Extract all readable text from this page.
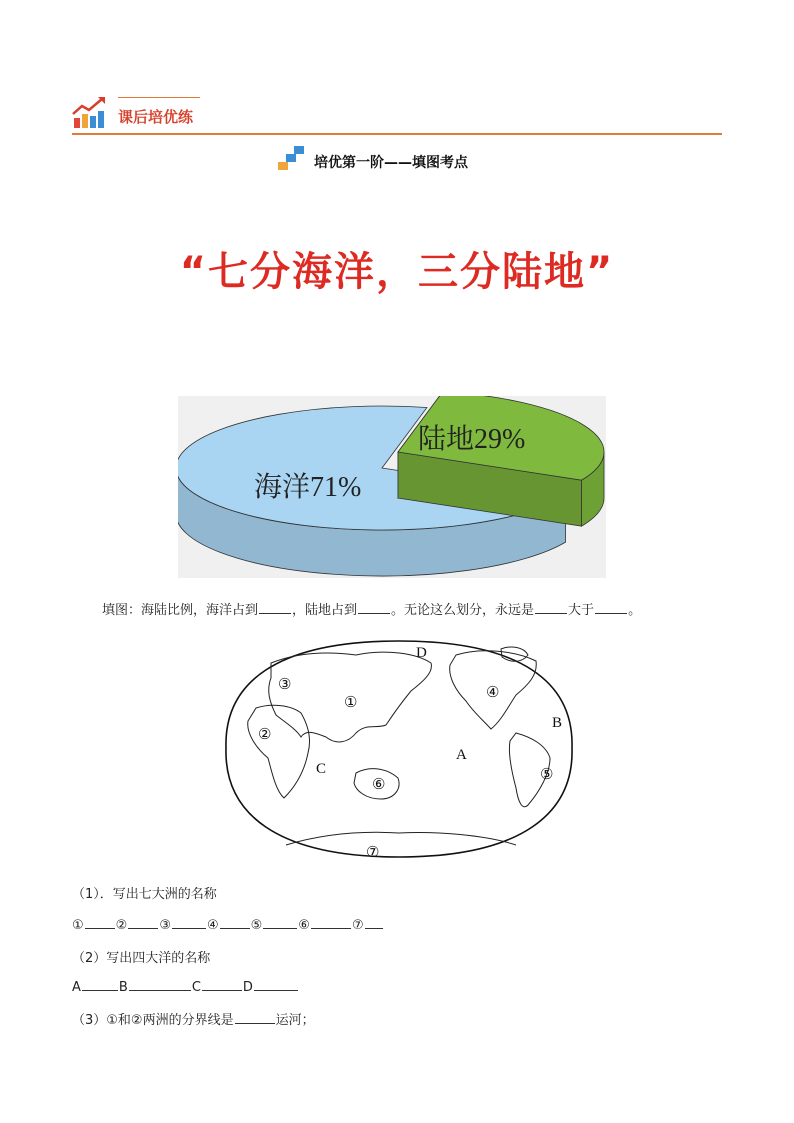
课后培优练
培优第一阶——填图考点
“七分海洋，三分陆地”
海洋71%
陆地29%
填图：海陆比例，海洋占到	，陆地占到	。无论这么划分，永远是	大于	。
①
②
③	④
⑤
⑥
⑦
A
B
C
D
（1）．写出七大洲的名称
① ② ③	④ ⑤	⑥	⑦
（2）写出四大洋的名称
A	B	C	D
（3）①和②两洲的分界线是	运河；
